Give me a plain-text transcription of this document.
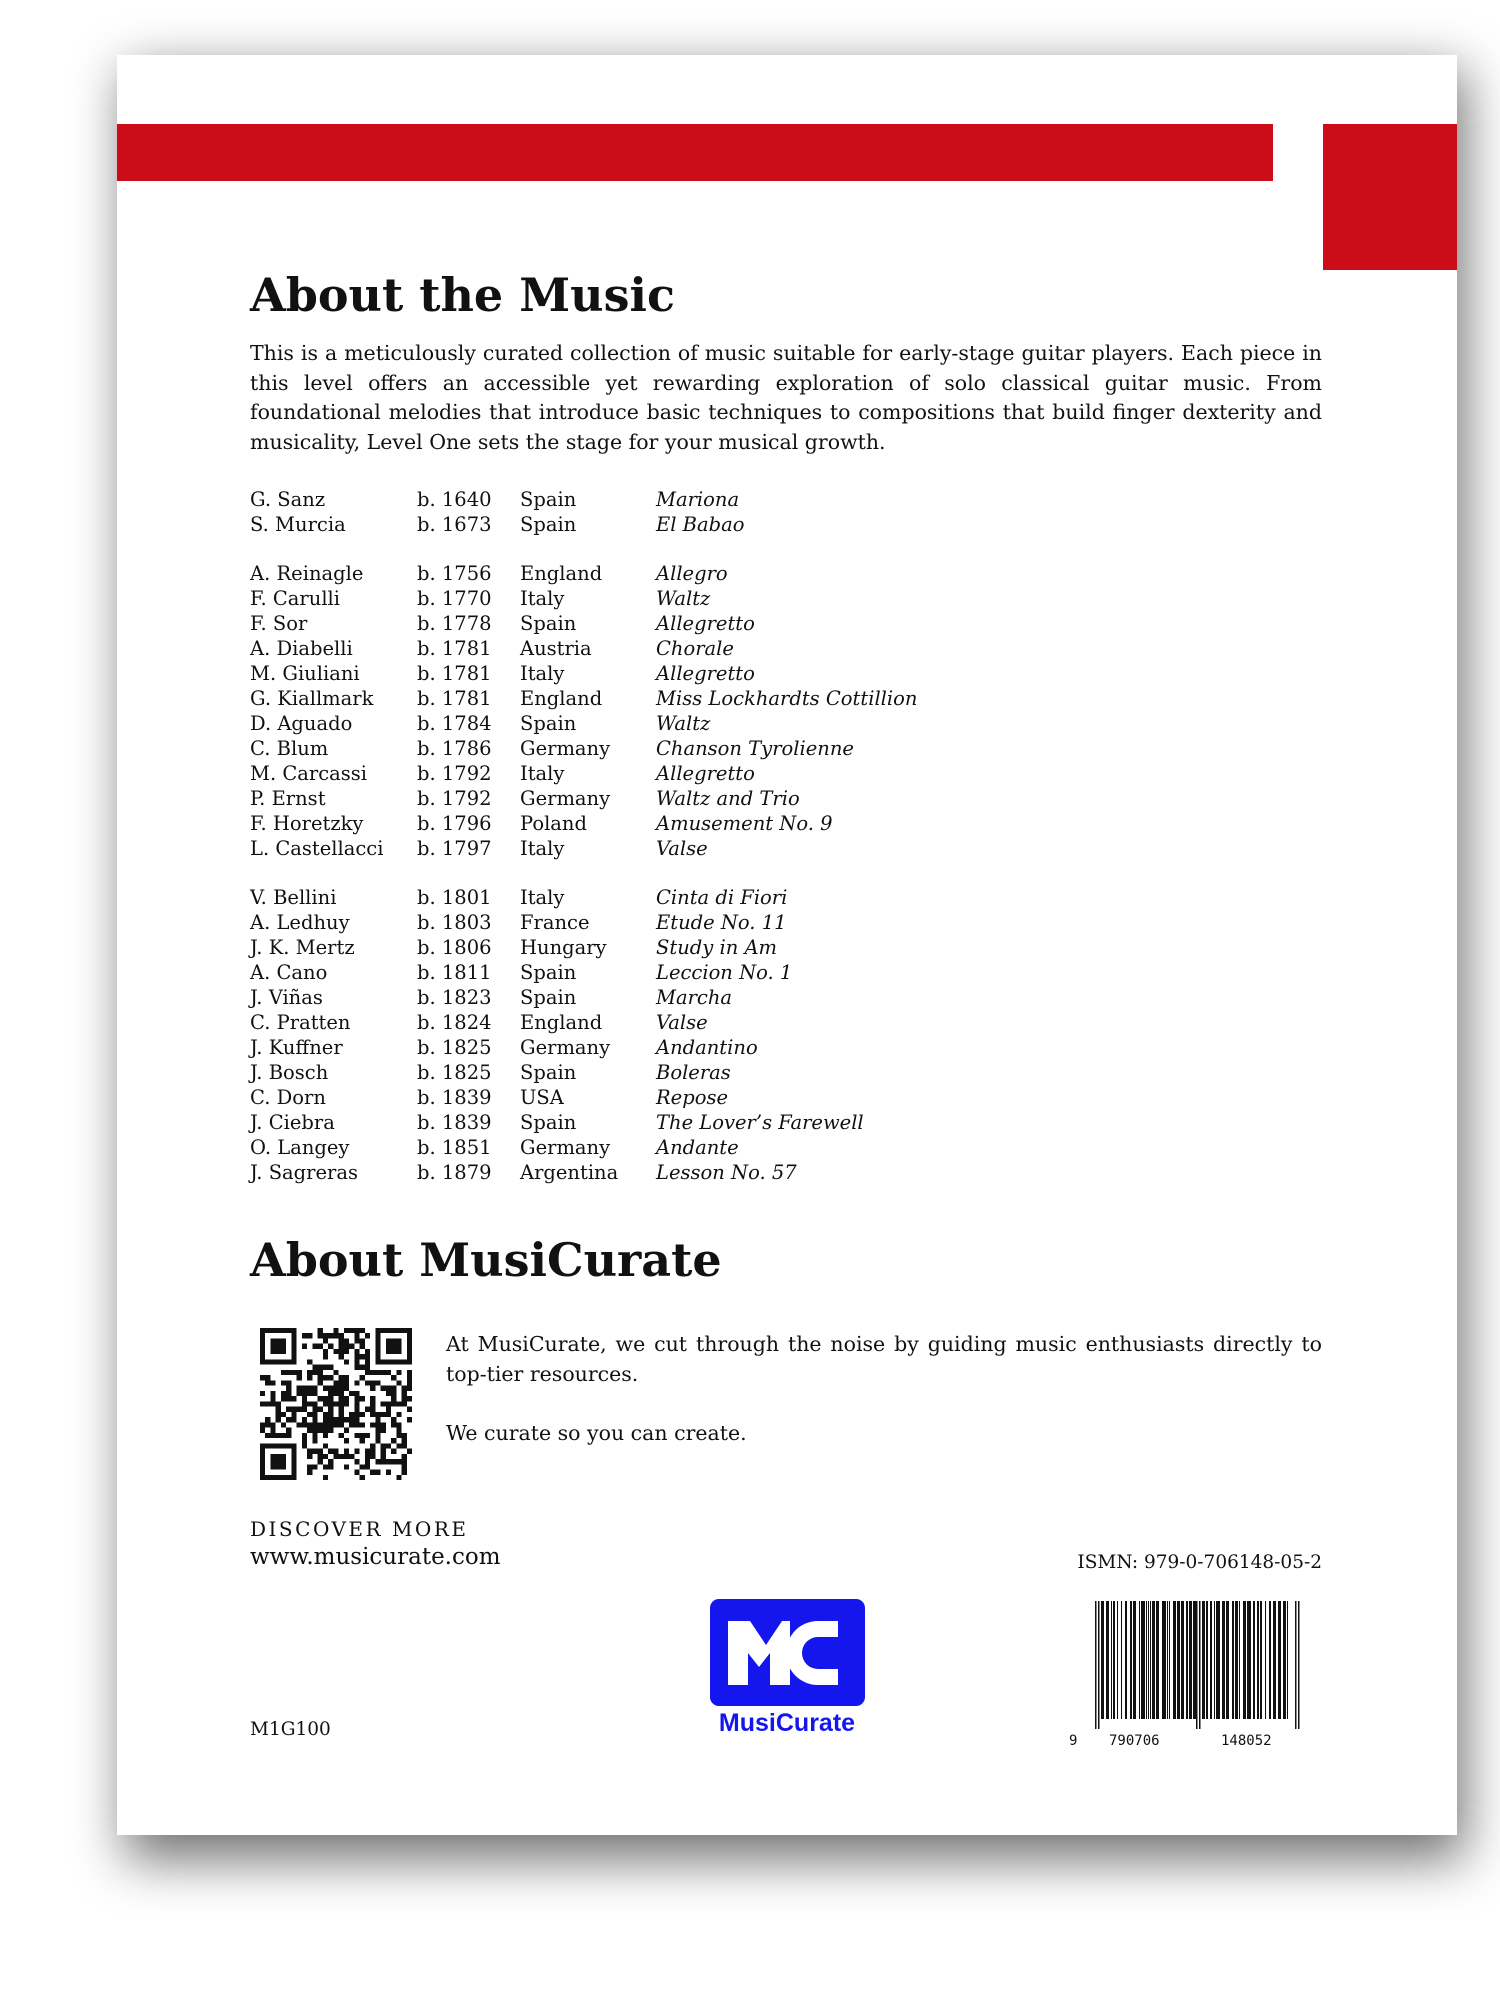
About the Music

This is a meticulously curated collection of music suitable for early-stage guitar players. Each piece in this level offers an accessible yet rewarding exploration of solo classical guitar music. From foundational melodies that introduce basic techniques to compositions that build finger dexterity and musicality, Level One sets the stage for your musical growth.

G. Sanz	b. 1640 Spain	Mariona
S. Murcia	b. 1673 Spain	El Babao
A. Reinagle	b. 1756 England	Allegro
F. Carulli	b. 1770 Italy	Waltz
F. Sor	b. 1778 Spain	Allegretto
A. Diabelli	b. 1781 Austria	Chorale
M. Giuliani	b. 1781 Italy	Allegretto
G. Kiallmark b. 1781 England	Miss Lockhardts Cottillion
D. Aguado	b. 1784 Spain	Waltz
C. Blum	b. 1786 Germany Chanson Tyrolienne
M. Carcassi	b. 1792 Italy	Allegretto
P. Ernst	b. 1792 Germany Waltz and Trio
F. Horetzky	b. 1796 Poland	Amusement No. 9
L. Castellacci b. 1797 Italy	Valse
V. Bellini	b. 1801 Italy	Cinta di Fiori
A. Ledhuy	b. 1803 France	Etude No. 11
J. K. Mertz	b. 1806 Hungary	Study in Am
A. Cano	b. 1811 Spain	Leccion No. 1
J. Viñas	b. 1823 Spain	Marcha
C. Pratten	b. 1824 England	Valse
J. Kuffner	b. 1825 Germany Andantino
J. Bosch	b. 1825 Spain	Boleras
C. Dorn	b. 1839 USA	Repose
J. Ciebra	b. 1839 Spain	The Lover’s Farewell
O. Langey	b. 1851 Germany Andante
J. Sagreras	b. 1879 Argentina Lesson No. 57
About MusiCurate

At MusiCurate, we cut through the noise by guiding music enthusiasts directly to top-tier resources.

We curate so you can create.

DISCOVER MORE
www.musicurate.com	ISMN: 979-0-706148-05-2
9 790706	148052
MusiCurate
M1G100
